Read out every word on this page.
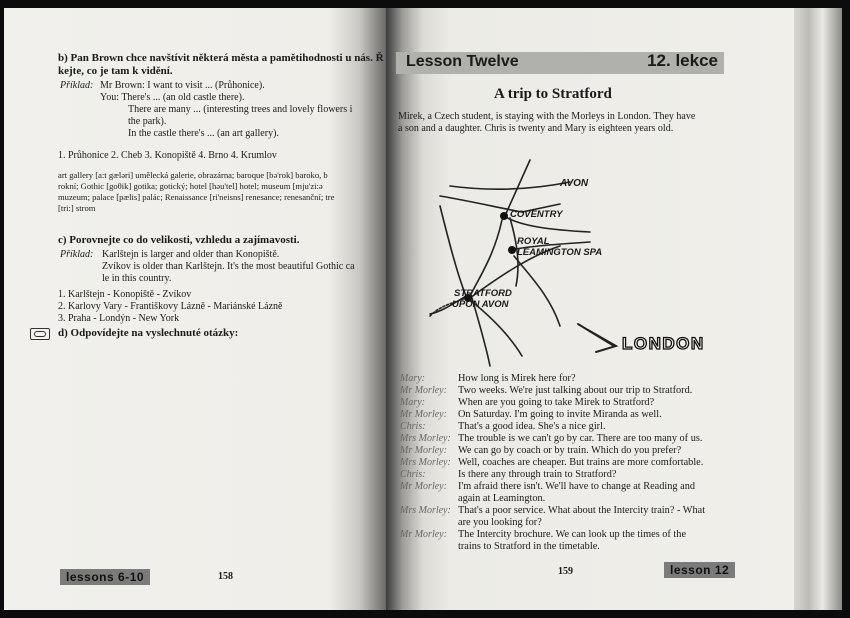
b) Pan Brown chce navštívit některá města a pamětihodnosti u nás. Ř
kejte, co je tam k vidění.
Příklad: Mr Brown: I want to visit ... (Průhonice).
You: There's ... (an old castle there).
There are many ... (interesting trees and lovely flowers i
the park).
In the castle there's ... (an art gallery).
1. Průhonice 2. Cheb 3. Konopiště 4. Brno 4. Krumlov
art gallery [a:t gæləri] umělecká galerie, obrazárna; baroque [bə'rok] baroko, b
rokní; Gothic [goθik] gotika; gotický; hotel [həu'tel] hotel; museum [mju'zi:ə
muzeum; palace [pælis] palác; Renaissance [ri'neisns] renesance; renesanční; tre
[tri:] strom
c) Porovnejte co do velikosti, vzhledu a zajímavosti.
Příklad: Karlštejn is larger and older than Konopiště.
Zvíkov is older than Karlštejn. It's the most beautiful Gothic ca
le in this country.
1. Karlštejn - Konopiště - Zvíkov
2. Karlovy Vary - Františkovy Lázně - Mariánské Lázně
3. Praha - Londýn - New York
d) Odpovídejte na vyslechnuté otázky:
lessons 6-10	158
Lesson Twelve	12. lekce
A trip to Stratford
Mirek, a Czech student, is staying with the Morleys in London. They have
a son and a daughter. Chris is twenty and Mary is eighteen years old.
AVON
COVENTRY
ROYAL
LEAMINGTON SPA
STRATFORD
UPON AVON
LONDON
Mary:	How long is Mirek here for?
Mr Morley:	Two weeks. We're just talking about our trip to Stratford.
Mary:	When are you going to take Mirek to Stratford?
Mr Morley:	On Saturday. I'm going to invite Miranda as well.
Chris:	That's a good idea. She's a nice girl.
Mrs Morley: The trouble is we can't go by car. There are too many of us.
Mr Morley:	We can go by coach or by train. Which do you prefer?
Mrs Morley: Well, coaches are cheaper. But trains are more comfortable.
Chris:	Is there any through train to Stratford?
Mr Morley:	I'm afraid there isn't. We'll have to change at Reading and
again at Leamington.
Mrs Morley: That's a poor service. What about the Intercity train? - What
are you looking for?
Mr Morley:	The Intercity brochure. We can look up the times of the
trains to Stratford in the timetable.
159	lesson 12
